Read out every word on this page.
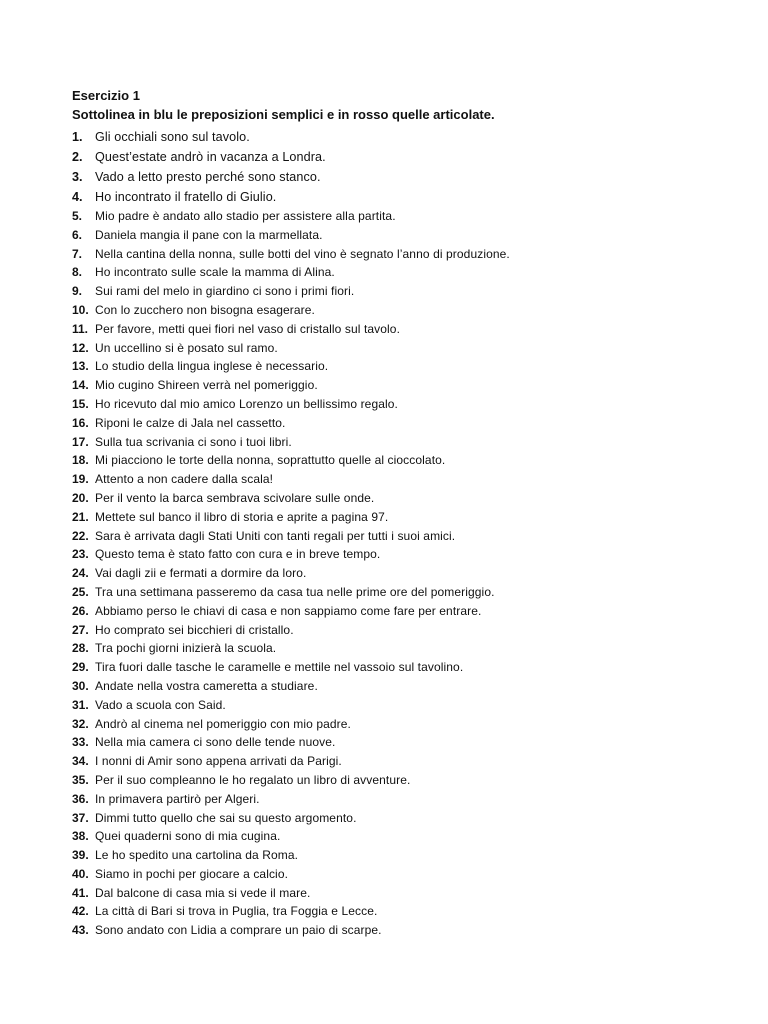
Esercizio 1
Sottolinea in blu le preposizioni semplici e in rosso quelle articolate.
1. Gli occhiali sono sul tavolo.
2. Quest’estate andrò in vacanza a Londra.
3. Vado a letto presto perché sono stanco.
4. Ho incontrato il fratello di Giulio.
5.	Mio padre è andato allo stadio per assistere alla partita.
6.	Daniela mangia il pane con la marmellata.
7.	Nella cantina della nonna, sulle botti del vino è segnato l’anno di produzione.
8.	Ho incontrato sulle scale la mamma di Alina.
9.	Sui rami del melo in giardino ci sono i primi fiori.
10. Con lo zucchero non bisogna esagerare.
11. Per favore, metti quei fiori nel vaso di cristallo sul tavolo.
12. Un uccellino si è posato sul ramo.
13. Lo studio della lingua inglese è necessario.
14. Mio cugino Shireen verrà nel pomeriggio.
15. Ho ricevuto dal mio amico Lorenzo un bellissimo regalo.
16. Riponi le calze di Jala nel cassetto.
17. Sulla tua scrivania ci sono i tuoi libri.
18. Mi piacciono le torte della nonna, soprattutto quelle al cioccolato.
19. Attento a non cadere dalla scala!
20. Per il vento la barca sembrava scivolare sulle onde.
21. Mettete sul banco il libro di storia e aprite a pagina 97.
22. Sara è arrivata dagli Stati Uniti con tanti regali per tutti i suoi amici.
23. Questo tema è stato fatto con cura e in breve tempo.
24. Vai dagli zii e fermati a dormire da loro.
25. Tra una settimana passeremo da casa tua nelle prime ore del pomeriggio.
26. Abbiamo perso le chiavi di casa e non sappiamo come fare per entrare.
27. Ho comprato sei bicchieri di cristallo.
28. Tra pochi giorni inizierà la scuola.
29. Tira fuori dalle tasche le caramelle e mettile nel vassoio sul tavolino.
30. Andate nella vostra cameretta a studiare.
31. Vado a scuola con Said.
32. Andrò al cinema nel pomeriggio con mio padre.
33. Nella mia camera ci sono delle tende nuove.
34. I nonni di Amir sono appena arrivati da Parigi.
35. Per il suo compleanno le ho regalato un libro di avventure.
36. In primavera partirò per Algeri.
37. Dimmi tutto quello che sai su questo argomento.
38. Quei quaderni sono di mia cugina.
39. Le ho spedito una cartolina da Roma.
40. Siamo in pochi per giocare a calcio.
41. Dal balcone di casa mia si vede il mare.
42. La città di Bari si trova in Puglia, tra Foggia e Lecce.
43. Sono andato con Lidia a comprare un paio di scarpe.
